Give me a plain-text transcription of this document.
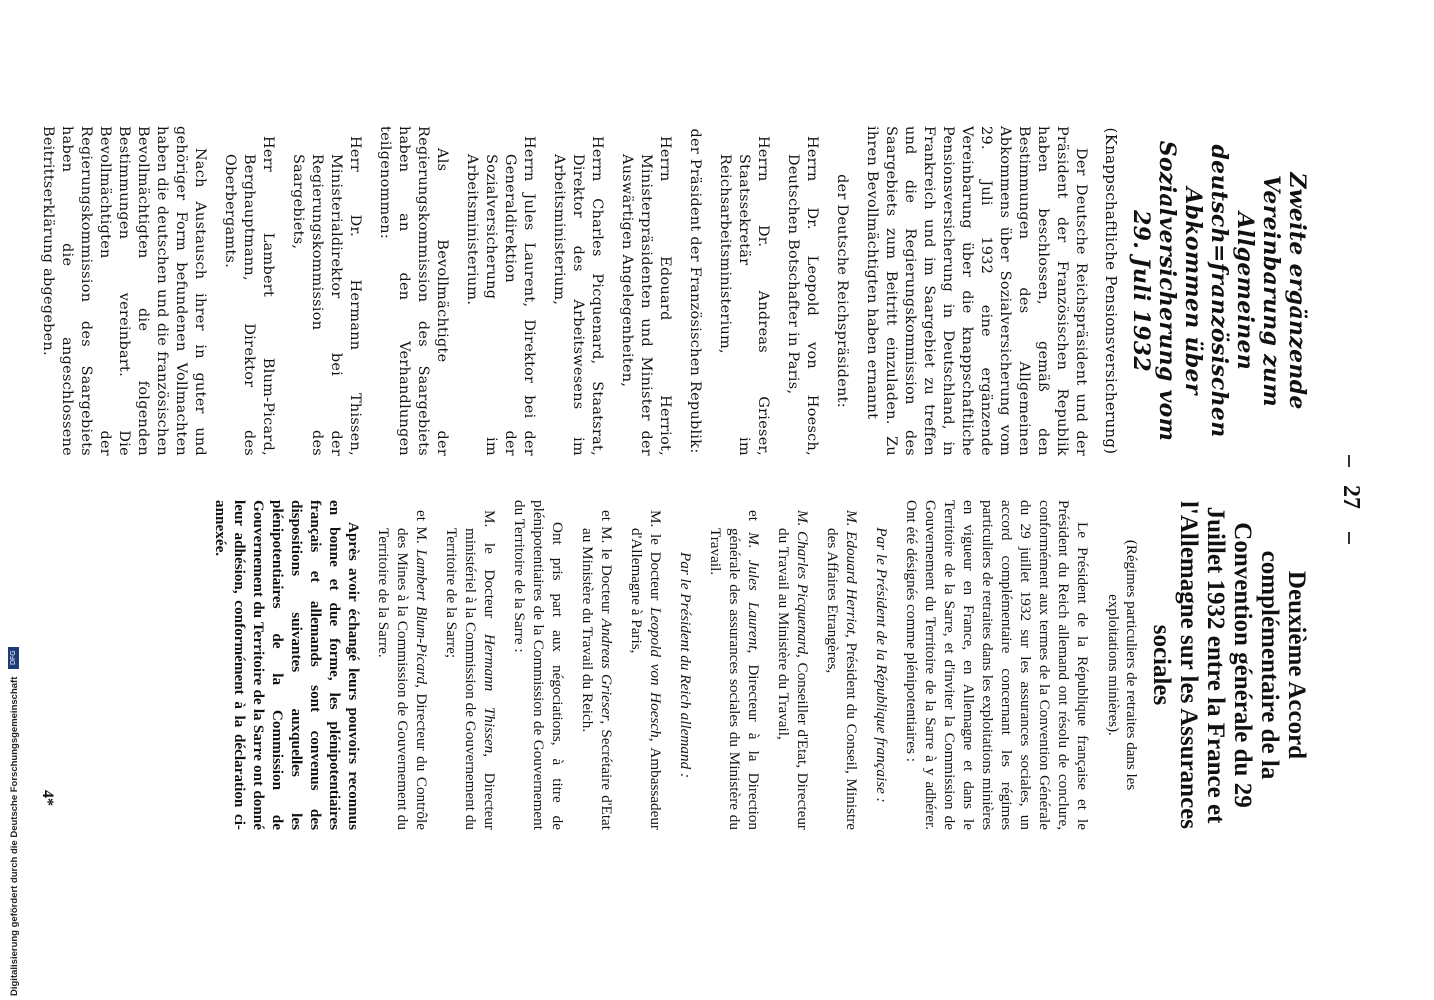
27
Zweite ergänzende Vereinbarung zum Allgemeinen deutsch=französischen Abkommen über Sozialversicherung vom 29. Juli 1932
(Knappschaftliche Pensionsversicherung)

Der Deutsche Reichspräsident und der Präsident der Französischen Republik haben beschlossen, gemäß den Bestimmungen des Allgemeinen Abkommens über Sozialversicherung vom 29. Juli 1932 eine ergänzende Vereinbarung über die knappschaftliche Pensionsversicherung in Deutschland, in Frankreich und im Saargebiet zu treffen und die Regierungskommission des Saargebiets zum Beitritt einzuladen. Zu ihren Bevollmächtigten haben ernannt

der Deutsche Reichspräsident:

Herrn Dr. Leopold von Hoesch, Deutschen Botschafter in Paris,

Herrn Dr. Andreas Grieser, Staatssekretär im Reichsarbeitsministerium,

der Präsident der Französischen Republik:

Herrn Edouard Herriot, Ministerpräsidenten und Minister der Auswärtigen Angelegenheiten,

Herrn Charles Picquenard, Staatsrat, Direktor des Arbeitswesens im Arbeitsministerium,

Herrn Jules Laurent, Direktor bei der Generaldirektion der Sozialversicherung im Arbeitsministerium.

Als Bevollmächtigte der Regierungskommission des Saargebiets haben an den Verhandlungen teilgenommen:

Herr Dr. Hermann Thissen, Ministerialdirektor bei der Regierungskommission des Saargebiets,

Herr Lambert Blum-Picard, Berghauptmann, Direktor des Oberbergamts.

Nach Austausch ihrer in guter und gehöriger Form befundenen Vollmachten haben die deutschen und die französischen Bevollmächtigten die folgenden Bestimmungen vereinbart. Die Bevollmächtigten der Regierungskommission des Saargebiets haben die angeschlossene Beitrittserklärung abgegeben.

Deuxième Accord complémentaire de la Convention générale du 29 Juillet 1932 entre la France et l'Allemagne sur les Assurances sociales
(Régimes particuliers de retraites dans les exploitations minières).

Le Président de la République française et le Président du Reich allemand ont résolu de conclure, conformément aux termes de la Convention Générale du 29 juillet 1932 sur les assurances sociales, un accord complémentaire concernant les régimes particuliers de retraites dans les exploitations minières en vigueur en France, en Allemagne et dans le Territoire de la Sarre, et d'inviter la Commission de Gouvernement du Territoire de la Sarre à y adhérer. Ont été désignés comme plénipotentiaires :

Par le Président de la République française :

M. Edouard Herriot, Président du Conseil, Ministre des Affaires Etrangères,

M. Charles Picquenard, Conseiller d'Etat, Directeur du Travail au Ministère du Travail,

et M. Jules Laurent, Directeur à la Direction générale des assurances sociales du Ministère du Travail.

Par le Président du Reich allemand :

M. le Docteur Leopold von Hoesch, Ambassadeur d'Allemagne à Paris,

et M. le Docteur Andreas Grieser, Secrétaire d'Etat au Ministère du Travail du Reich.

Ont pris part aux négociations, à titre de plénipotentiaires de la Commission de Gouvernement du Territoire de la Sarre :

M. le Docteur Hermann Thissen, Directeur ministériel à la Commission de Gouvernement du Territoire de la Sarre;

et M. Lambert Blum-Picard, Directeur du Contrôle des Mines à la Commission de Gouvernement du Territoire de la Sarre.

Après avoir échangé leurs pouvoirs reconnus en bonne et due forme, les plénipotentiaires français et allemands sont convenus des dispositions suivantes auxquelles les plénipotentiaires de la Commission de Gouvernement du Territoire de la Sarre ont donné leur adhésion, conformément à la déclaration ci-annexée.

4*
Digitalisierung gefördert durch die Deutsche Forschungsgemeinschaft DFG
